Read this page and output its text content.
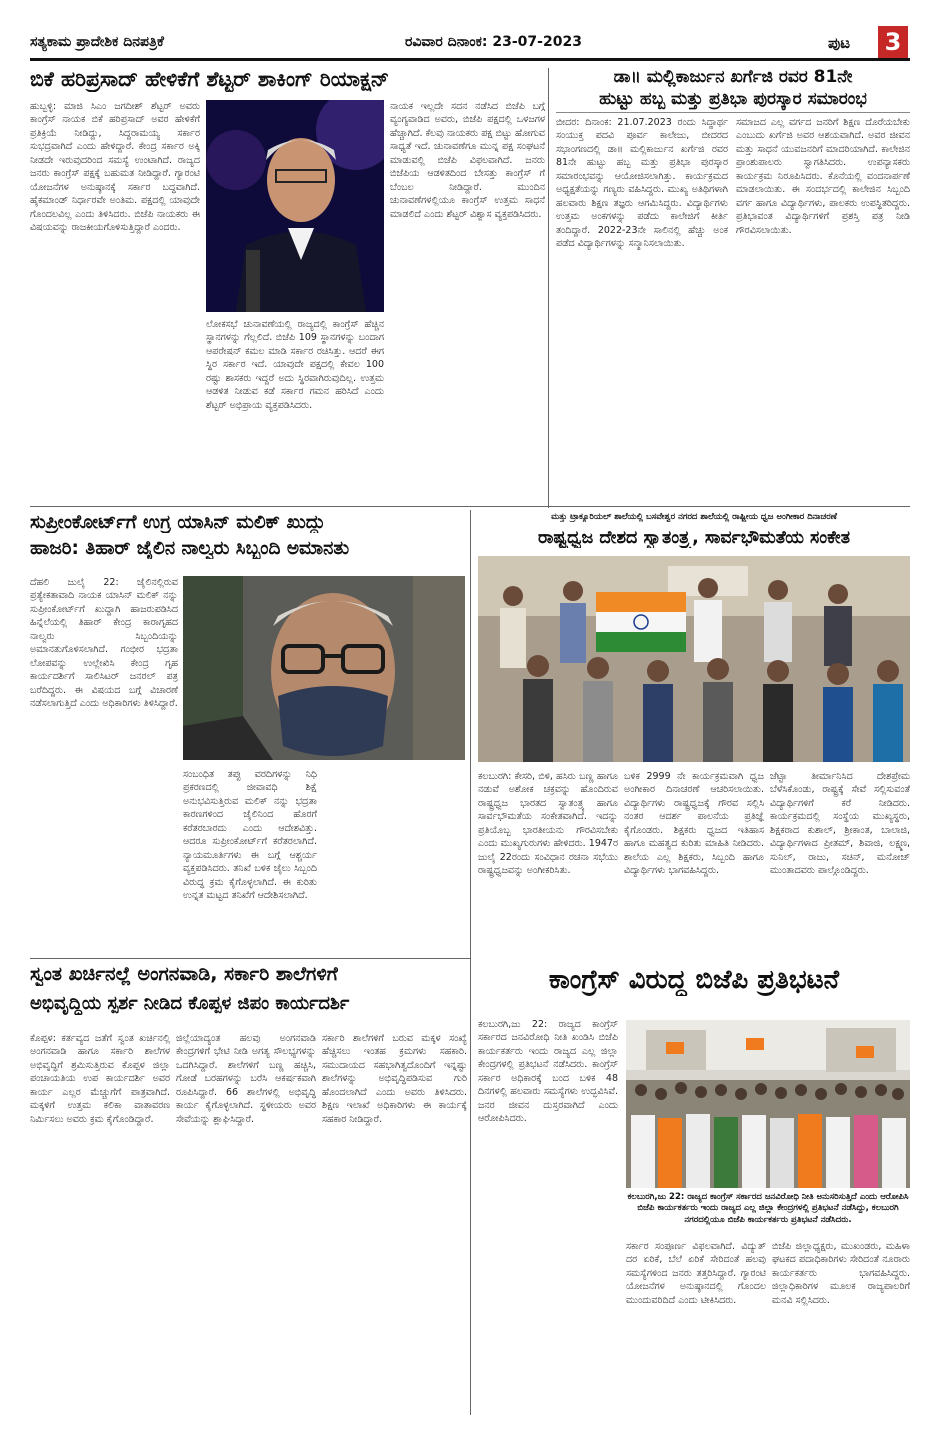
ಸತ್ಯಕಾಮ ಪ್ರಾದೇಶಿಕ ದಿನಪತ್ರಿಕೆ	ರವಿವಾರ ದಿನಾಂಕ: 23-07-2023	ಪುಟ 3
ಬಿಕೆ ಹರಿಪ್ರಸಾದ್ ಹೇಳಿಕೆಗೆ ಶೆಟ್ಟರ್ ಶಾಕಿಂಗ್ ರಿಯಾಕ್ಷನ್
ಹುಬ್ಬಳ್ಳಿ: ಮಾಜಿ ಸಿಎಂ ಜಗದೀಶ್ ಶೆಟ್ಟರ್ ಅವರು ಕಾಂಗ್ರೆಸ್ ನಾಯಕ ಬಿಕೆ ಹರಿಪ್ರಸಾದ್ ಅವರ ಹೇಳಿಕೆಗೆ ಪ್ರತಿಕ್ರಿಯೆ ನೀಡಿದ್ದು, ಸಿದ್ದರಾಮಯ್ಯ ಸರ್ಕಾರ ಸುಭದ್ರವಾಗಿದೆ ಎಂದು ಹೇಳಿದ್ದಾರೆ. ಕೇಂದ್ರ ಸರ್ಕಾರ ಅಕ್ಕಿ ನೀಡದೇ ಇರುವುದರಿಂದ ಸಮಸ್ಯೆ ಉಂಟಾಗಿದೆ. ರಾಜ್ಯದ ಜನರು ಕಾಂಗ್ರೆಸ್ ಪಕ್ಷಕ್ಕೆ ಬಹುಮತ ನೀಡಿದ್ದಾರೆ. ಗ್ಯಾರಂಟಿ ಯೋಜನೆಗಳ ಅನುಷ್ಠಾನಕ್ಕೆ ಸರ್ಕಾರ ಬದ್ಧವಾಗಿದೆ. ಹೈಕಮಾಂಡ್ ನಿರ್ಧಾರವೇ ಅಂತಿಮ. ಪಕ್ಷದಲ್ಲಿ ಯಾವುದೇ ಗೊಂದಲವಿಲ್ಲ ಎಂದು ತಿಳಿಸಿದರು. ಬಿಜೆಪಿ ನಾಯಕರು ಈ ವಿಷಯವನ್ನು ರಾಜಕೀಯಗೊಳಿಸುತ್ತಿದ್ದಾರೆ ಎಂದರು.
ಲೋಕಸಭೆ ಚುನಾವಣೆಯಲ್ಲಿ ರಾಜ್ಯದಲ್ಲಿ ಕಾಂಗ್ರೆಸ್ ಹೆಚ್ಚಿನ ಸ್ಥಾನಗಳನ್ನು ಗೆಲ್ಲಲಿದೆ. ಬಿಜೆಪಿ 109 ಸ್ಥಾನಗಳನ್ನು ಬಂದಾಗ ಆಪರೇಷನ್ ಕಮಲ ಮಾಡಿ ಸರ್ಕಾರ ರಚಿಸಿತ್ತು. ಆದರೆ ಈಗ ಸ್ಥಿರ ಸರ್ಕಾರ ಇದೆ. ಯಾವುದೇ ಪಕ್ಷದಲ್ಲಿ ಕೇವಲ 100 ರಷ್ಟು ಶಾಸಕರು ಇದ್ದರೆ ಅದು ಸ್ಥಿರವಾಗಿರುವುದಿಲ್ಲ. ಉತ್ತಮ ಆಡಳಿತ ನೀಡುವ ಕಡೆ ಸರ್ಕಾರ ಗಮನ ಹರಿಸಿದೆ ಎಂದು ಶೆಟ್ಟರ್ ಅಭಿಪ್ರಾಯ ವ್ಯಕ್ತಪಡಿಸಿದರು.
ನಾಯಕ ಇಲ್ಲದೇ ಸದನ ನಡೆಸಿದ ಬಿಜೆಪಿ ಬಗ್ಗೆ ವ್ಯಂಗ್ಯವಾಡಿದ ಅವರು, ಬಿಜೆಪಿ ಪಕ್ಷದಲ್ಲಿ ಒಳಜಗಳ ಹೆಚ್ಚಾಗಿದೆ. ಕೆಲವು ನಾಯಕರು ಪಕ್ಷ ಬಿಟ್ಟು ಹೋಗುವ ಸಾಧ್ಯತೆ ಇದೆ. ಚುನಾವಣೆಗೂ ಮುನ್ನ ಪಕ್ಷ ಸಂಘಟನೆ ಮಾಡುವಲ್ಲಿ ಬಿಜೆಪಿ ವಿಫಲವಾಗಿದೆ. ಜನರು ಬಿಜೆಪಿಯ ಆಡಳಿತದಿಂದ ಬೇಸತ್ತು ಕಾಂಗ್ರೆಸ್ ಗೆ ಬೆಂಬಲ ನೀಡಿದ್ದಾರೆ. ಮುಂದಿನ ಚುನಾವಣೆಗಳಲ್ಲಿಯೂ ಕಾಂಗ್ರೆಸ್ ಉತ್ತಮ ಸಾಧನೆ ಮಾಡಲಿದೆ ಎಂದು ಶೆಟ್ಟರ್ ವಿಶ್ವಾಸ ವ್ಯಕ್ತಪಡಿಸಿದರು.
ಡಾ॥ ಮಲ್ಲಿಕಾರ್ಜುನ ಖರ್ಗೆಜಿ ರವರ 81ನೇ
ಹುಟ್ಟು ಹಬ್ಬ ಮತ್ತು ಪ್ರತಿಭಾ ಪುರಸ್ಕಾರ ಸಮಾರಂಭ
ಬೀದರ: ದಿನಾಂಕ: 21.07.2023 ರಂದು ಸಿದ್ಧಾರ್ಥ ಸಂಯುಕ್ತ ಪದವಿ ಪೂರ್ವ ಕಾಲೇಜು, ಬೀದರದ ಸಭಾಂಗಣದಲ್ಲಿ ಡಾ॥ ಮಲ್ಲಿಕಾರ್ಜುನ ಖರ್ಗೆಜಿ ರವರ 81ನೇ ಹುಟ್ಟು ಹಬ್ಬ ಮತ್ತು ಪ್ರತಿಭಾ ಪುರಸ್ಕಾರ ಸಮಾರಂಭವನ್ನು ಆಯೋಜಿಸಲಾಗಿತ್ತು. ಕಾರ್ಯಕ್ರಮದ ಅಧ್ಯಕ್ಷತೆಯನ್ನು ಗಣ್ಯರು ವಹಿಸಿದ್ದರು. ಮುಖ್ಯ ಅತಿಥಿಗಳಾಗಿ ಹಲವಾರು ಶಿಕ್ಷಣ ತಜ್ಞರು ಆಗಮಿಸಿದ್ದರು. ವಿದ್ಯಾರ್ಥಿಗಳು ಉತ್ತಮ ಅಂಕಗಳನ್ನು ಪಡೆದು ಕಾಲೇಜಿಗೆ ಕೀರ್ತಿ ತಂದಿದ್ದಾರೆ. 2022-23ನೇ ಸಾಲಿನಲ್ಲಿ ಹೆಚ್ಚು ಅಂಕ ಪಡೆದ ವಿದ್ಯಾರ್ಥಿಗಳನ್ನು ಸನ್ಮಾನಿಸಲಾಯಿತು.
ಸಮಾಜದ ಎಲ್ಲ ವರ್ಗದ ಜನರಿಗೆ ಶಿಕ್ಷಣ ದೊರೆಯಬೇಕು ಎಂಬುದು ಖರ್ಗೆಜಿ ಅವರ ಆಶಯವಾಗಿದೆ. ಅವರ ಜೀವನ ಮತ್ತು ಸಾಧನೆ ಯುವಜನರಿಗೆ ಮಾದರಿಯಾಗಿದೆ. ಕಾಲೇಜಿನ ಪ್ರಾಂಶುಪಾಲರು ಸ್ವಾಗತಿಸಿದರು. ಉಪನ್ಯಾಸಕರು ಕಾರ್ಯಕ್ರಮ ನಿರೂಪಿಸಿದರು. ಕೊನೆಯಲ್ಲಿ ವಂದನಾರ್ಪಣೆ ಮಾಡಲಾಯಿತು. ಈ ಸಂದರ್ಭದಲ್ಲಿ ಕಾಲೇಜಿನ ಸಿಬ್ಬಂದಿ ವರ್ಗ ಹಾಗೂ ವಿದ್ಯಾರ್ಥಿಗಳು, ಪಾಲಕರು ಉಪಸ್ಥಿತರಿದ್ದರು. ಪ್ರತಿಭಾವಂತ ವಿದ್ಯಾರ್ಥಿಗಳಿಗೆ ಪ್ರಶಸ್ತಿ ಪತ್ರ ನೀಡಿ ಗೌರವಿಸಲಾಯಿತು.
ಸುಪ್ರೀಂಕೋರ್ಟ್‌ಗೆ ಉಗ್ರ ಯಾಸಿನ್ ಮಲಿಕ್ ಖುದ್ದು
ಹಾಜರಿ: ತಿಹಾರ್ ಜೈಲಿನ ನಾಲ್ವರು ಸಿಬ್ಬಂದಿ ಅಮಾನತು
ದೆಹಲಿ ಜುಲೈ 22: ಜೈಲಿನಲ್ಲಿರುವ ಪ್ರತ್ಯೇಕತಾವಾದಿ ನಾಯಕ ಯಾಸಿನ್ ಮಲಿಕ್ ನನ್ನು ಸುಪ್ರೀಂಕೋರ್ಟ್‌ಗೆ ಖುದ್ದಾಗಿ ಹಾಜರುಪಡಿಸಿದ ಹಿನ್ನೆಲೆಯಲ್ಲಿ ತಿಹಾರ್ ಕೇಂದ್ರ ಕಾರಾಗೃಹದ ನಾಲ್ವರು ಸಿಬ್ಬಂದಿಯನ್ನು ಅಮಾನತುಗೊಳಿಸಲಾಗಿದೆ. ಗಂಭೀರ ಭದ್ರತಾ ಲೋಪವನ್ನು ಉಲ್ಲೇಖಿಸಿ ಕೇಂದ್ರ ಗೃಹ ಕಾರ್ಯದರ್ಶಿಗೆ ಸಾಲಿಸಿಟರ್ ಜನರಲ್ ಪತ್ರ ಬರೆದಿದ್ದರು. ಈ ವಿಷಯದ ಬಗ್ಗೆ ವಿಚಾರಣೆ ನಡೆಸಲಾಗುತ್ತಿದೆ ಎಂದು ಅಧಿಕಾರಿಗಳು ತಿಳಿಸಿದ್ದಾರೆ.
ಸಂಬಂಧಿತ ತಪ್ಪು ವರದಿಗಳನ್ನು ನಿಧಿ ಪ್ರಕರಣದಲ್ಲಿ ಜೀವಾವಧಿ ಶಿಕ್ಷೆ ಅನುಭವಿಸುತ್ತಿರುವ ಮಲಿಕ್ ನನ್ನು ಭದ್ರತಾ ಕಾರಣಗಳಿಂದ ಜೈಲಿನಿಂದ ಹೊರಗೆ ಕರೆತರಬಾರದು ಎಂದು ಆದೇಶವಿತ್ತು. ಆದರೂ ಸುಪ್ರೀಂಕೋರ್ಟ್‌ಗೆ ಕರೆತರಲಾಗಿದೆ. ನ್ಯಾಯಮೂರ್ತಿಗಳು ಈ ಬಗ್ಗೆ ಆಶ್ಚರ್ಯ ವ್ಯಕ್ತಪಡಿಸಿದರು. ತನಿಖೆ ಬಳಿಕ ಜೈಲು ಸಿಬ್ಬಂದಿ ವಿರುದ್ಧ ಕ್ರಮ ಕೈಗೊಳ್ಳಲಾಗಿದೆ. ಈ ಕುರಿತು ಉನ್ನತ ಮಟ್ಟದ ತನಿಖೆಗೆ ಆದೇಶಿಸಲಾಗಿದೆ.
ಮತ್ತು ಟ್ರಾಕ್ಯೂರಿಯಲ್ ಶಾಲೆಯಲ್ಲಿ ಬಸವೇಶ್ವರ ನಗರದ ಶಾಲೆಯಲ್ಲಿ ರಾಷ್ಟ್ರೀಯ ಧ್ವಜ ಅಂಗೀಕಾರ ದಿನಾಚರಣೆ
ರಾಷ್ಟ್ರಧ್ವಜ ದೇಶದ ಸ್ವಾತಂತ್ರ್ಯ, ಸಾರ್ವಭೌಮತೆಯ ಸಂಕೇತ
ಕಲಬುರಗಿ: ಕೇಸರಿ, ಬಿಳಿ, ಹಸಿರು ಬಣ್ಣ ಹಾಗೂ ನಡುವೆ ಅಶೋಕ ಚಕ್ರವನ್ನು ಹೊಂದಿರುವ ರಾಷ್ಟ್ರಧ್ವಜ ಭಾರತದ ಸ್ವಾತಂತ್ರ್ಯ ಹಾಗೂ ಸಾರ್ವಭೌಮತೆಯ ಸಂಕೇತವಾಗಿದೆ. ಇದನ್ನು ಪ್ರತಿಯೊಬ್ಬ ಭಾರತೀಯನು ಗೌರವಿಸಬೇಕು ಎಂದು ಮುಖ್ಯಗುರುಗಳು ಹೇಳಿದರು. 1947ರ ಜುಲೈ 22ರಂದು ಸಂವಿಧಾನ ರಚನಾ ಸಭೆಯು ರಾಷ್ಟ್ರಧ್ವಜವನ್ನು ಅಂಗೀಕರಿಸಿತು.
ಬಳಿಕ 2999 ನೇ ಕಾರ್ಯಕ್ರಮವಾಗಿ ಧ್ವಜ ಅಂಗೀಕಾರ ದಿನಾಚರಣೆ ಆಚರಿಸಲಾಯಿತು. ವಿದ್ಯಾರ್ಥಿಗಳು ರಾಷ್ಟ್ರಧ್ವಜಕ್ಕೆ ಗೌರವ ಸಲ್ಲಿಸಿ ನಂತರ ಆದರ್ಶ ಪಾಲನೆಯ ಪ್ರತಿಜ್ಞೆ ಕೈಗೊಂಡರು. ಶಿಕ್ಷಕರು ಧ್ವಜದ ಇತಿಹಾಸ ಹಾಗೂ ಮಹತ್ವದ ಕುರಿತು ಮಾಹಿತಿ ನೀಡಿದರು. ಶಾಲೆಯ ಎಲ್ಲ ಶಿಕ್ಷಕರು, ಸಿಬ್ಬಂದಿ ಹಾಗೂ ವಿದ್ಯಾರ್ಥಿಗಳು ಭಾಗವಹಿಸಿದ್ದರು.
ಜೆಟ್ಟಾ ತೀರ್ಮಾನಿಸಿದ ದೇಶಪ್ರೇಮ ಬೆಳೆಸಿಕೊಂಡು, ರಾಷ್ಟ್ರಕ್ಕೆ ಸೇವೆ ಸಲ್ಲಿಸುವಂತೆ ವಿದ್ಯಾರ್ಥಿಗಳಿಗೆ ಕರೆ ನೀಡಿದರು. ಕಾರ್ಯಕ್ರಮದಲ್ಲಿ ಸಂಸ್ಥೆಯ ಮುಖ್ಯಸ್ಥರು, ಶಿಕ್ಷಕರಾದ ಕುಶಾಲ್, ಶ್ರೀಕಾಂತ, ಬಾಲಾಜಿ, ವಿದ್ಯಾರ್ಥಿಗಳಾದ ಪ್ರೀತಮ್, ಶಿವಾಜಿ, ಲಕ್ಷ್ಮಣ, ಸುನಿಲ್, ರಾಜು, ಸಚಿನ್, ಮನೋಜ್ ಮುಂತಾದವರು ಪಾಲ್ಗೊಂಡಿದ್ದರು.
ಸ್ವಂತ ಖರ್ಚಿನಲ್ಲೆ ಅಂಗನವಾಡಿ, ಸರ್ಕಾರಿ ಶಾಲೆಗಳಿಗೆ
ಅಭಿವೃದ್ಧಿಯ ಸ್ಪರ್ಶ ನೀಡಿದ ಕೊಪ್ಪಳ ಜಿಪಂ ಕಾರ್ಯದರ್ಶಿ
ಕೊಪ್ಪಳ: ಕರ್ತವ್ಯದ ಜತೆಗೆ ಸ್ವಂತ ಖರ್ಚಿನಲ್ಲಿ ಅಂಗನವಾಡಿ ಹಾಗೂ ಸರ್ಕಾರಿ ಶಾಲೆಗಳ ಅಭಿವೃದ್ಧಿಗೆ ಶ್ರಮಿಸುತ್ತಿರುವ ಕೊಪ್ಪಳ ಜಿಲ್ಲಾ ಪಂಚಾಯತಿಯ ಉಪ ಕಾರ್ಯದರ್ಶಿ ಅವರ ಕಾರ್ಯ ಎಲ್ಲರ ಮೆಚ್ಚುಗೆಗೆ ಪಾತ್ರವಾಗಿದೆ. ಮಕ್ಕಳಿಗೆ ಉತ್ತಮ ಕಲಿಕಾ ವಾತಾವರಣ ನಿರ್ಮಿಸಲು ಅವರು ಕ್ರಮ ಕೈಗೊಂಡಿದ್ದಾರೆ.
ಜಿಲ್ಲೆಯಾದ್ಯಂತ ಹಲವು ಅಂಗನವಾಡಿ ಕೇಂದ್ರಗಳಿಗೆ ಭೇಟಿ ನೀಡಿ ಅಗತ್ಯ ಸೌಲಭ್ಯಗಳನ್ನು ಒದಗಿಸಿದ್ದಾರೆ. ಶಾಲೆಗಳಿಗೆ ಬಣ್ಣ ಹಚ್ಚಿಸಿ, ಗೋಡೆ ಬರಹಗಳನ್ನು ಬರೆಸಿ ಆಕರ್ಷಕವಾಗಿ ರೂಪಿಸಿದ್ದಾರೆ. 66 ಶಾಲೆಗಳಲ್ಲಿ ಅಭಿವೃದ್ಧಿ ಕಾರ್ಯ ಕೈಗೊಳ್ಳಲಾಗಿದೆ. ಸ್ಥಳೀಯರು ಅವರ ಸೇವೆಯನ್ನು ಶ್ಲಾಘಿಸಿದ್ದಾರೆ.
ಸರ್ಕಾರಿ ಶಾಲೆಗಳಿಗೆ ಬರುವ ಮಕ್ಕಳ ಸಂಖ್ಯೆ ಹೆಚ್ಚಿಸಲು ಇಂತಹ ಕ್ರಮಗಳು ಸಹಕಾರಿ. ಸಮುದಾಯದ ಸಹಭಾಗಿತ್ವದೊಂದಿಗೆ ಇನ್ನಷ್ಟು ಶಾಲೆಗಳನ್ನು ಅಭಿವೃದ್ಧಿಪಡಿಸುವ ಗುರಿ ಹೊಂದಲಾಗಿದೆ ಎಂದು ಅವರು ತಿಳಿಸಿದರು. ಶಿಕ್ಷಣ ಇಲಾಖೆ ಅಧಿಕಾರಿಗಳು ಈ ಕಾರ್ಯಕ್ಕೆ ಸಹಕಾರ ನೀಡಿದ್ದಾರೆ.
ಕಾಂಗ್ರೆಸ್ ವಿರುದ್ಧ ಬಿಜೆಪಿ ಪ್ರತಿಭಟನೆ
ಕಲಬುರಗಿ,ಜು 22: ರಾಜ್ಯದ ಕಾಂಗ್ರೆಸ್ ಸರ್ಕಾರದ ಜನವಿರೋಧಿ ನೀತಿ ಖಂಡಿಸಿ ಬಿಜೆಪಿ ಕಾರ್ಯಕರ್ತರು ಇಂದು ರಾಜ್ಯದ ಎಲ್ಲ ಜಿಲ್ಲಾ ಕೇಂದ್ರಗಳಲ್ಲಿ ಪ್ರತಿಭಟನೆ ನಡೆಸಿದರು. ಕಾಂಗ್ರೆಸ್ ಸರ್ಕಾರ ಅಧಿಕಾರಕ್ಕೆ ಬಂದ ಬಳಿಕ 48 ದಿನಗಳಲ್ಲಿ ಹಲವಾರು ಸಮಸ್ಯೆಗಳು ಉದ್ಭವಿಸಿವೆ. ಜನರ ಜೀವನ ದುಸ್ತರವಾಗಿದೆ ಎಂದು ಆರೋಪಿಸಿದರು.
ಕಲಬುರಗಿ,ಜು 22: ರಾಜ್ಯದ ಕಾಂಗ್ರೆಸ್ ಸರ್ಕಾರದ ಜನವಿರೋಧಿ ನೀತಿ ಅನುಸರಿಸುತ್ತಿದೆ ಎಂದು ಆರೋಪಿಸಿ ಬಿಜೆಪಿ ಕಾರ್ಯಕರ್ತರು ಇಂದು ರಾಜ್ಯದ ಎಲ್ಲ ಜಿಲ್ಲಾ ಕೇಂದ್ರಗಳಲ್ಲಿ ಪ್ರತಿಭಟನೆ ನಡೆಸಿದ್ದು, ಕಲಬುರಗಿ ನಗರದಲ್ಲಿಯೂ ಬಿಜೆಪಿ ಕಾರ್ಯಕರ್ತರು ಪ್ರತಿಭಟನೆ ನಡೆಸಿದರು.
ಸರ್ಕಾರ ಸಂಪೂರ್ಣ ವಿಫಲವಾಗಿದೆ. ವಿದ್ಯುತ್ ದರ ಏರಿಕೆ, ಬೆಲೆ ಏರಿಕೆ ಸೇರಿದಂತೆ ಹಲವು ಸಮಸ್ಯೆಗಳಿಂದ ಜನರು ತತ್ತರಿಸಿದ್ದಾರೆ. ಗ್ಯಾರಂಟಿ ಯೋಜನೆಗಳ ಅನುಷ್ಠಾನದಲ್ಲಿ ಗೊಂದಲ ಮುಂದುವರಿದಿದೆ ಎಂದು ಟೀಕಿಸಿದರು.
ಬಿಜೆಪಿ ಜಿಲ್ಲಾಧ್ಯಕ್ಷರು, ಮುಖಂಡರು, ಮಹಿಳಾ ಘಟಕದ ಪದಾಧಿಕಾರಿಗಳು ಸೇರಿದಂತೆ ನೂರಾರು ಕಾರ್ಯಕರ್ತರು ಭಾಗವಹಿಸಿದ್ದರು. ಜಿಲ್ಲಾಧಿಕಾರಿಗಳ ಮೂಲಕ ರಾಜ್ಯಪಾಲರಿಗೆ ಮನವಿ ಸಲ್ಲಿಸಿದರು.
